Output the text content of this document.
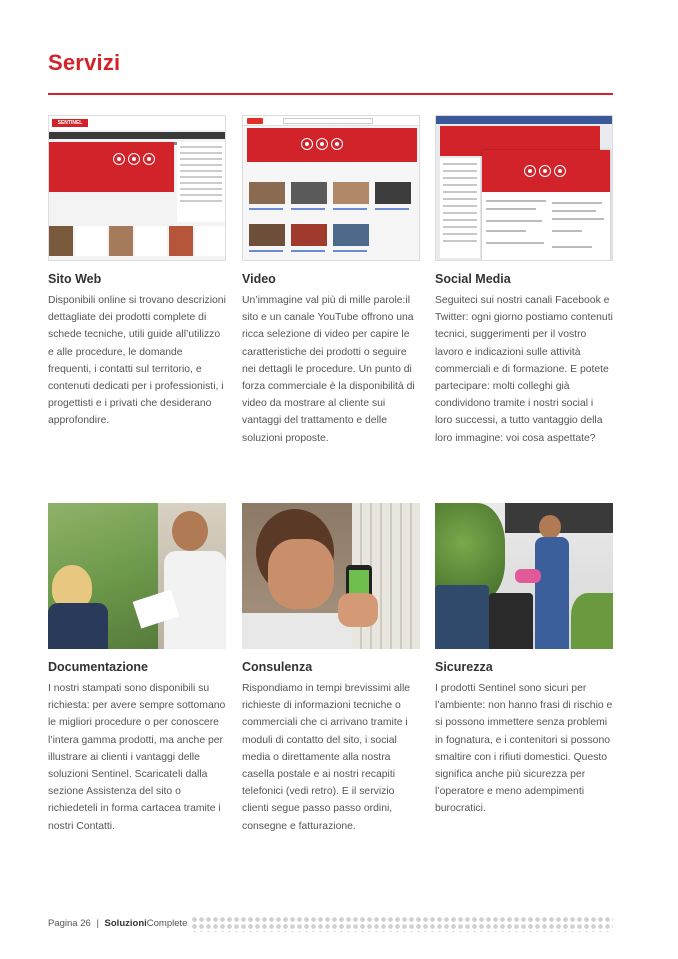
Servizi
SENTINEL
Sito Web

Disponibili online si trovano descrizioni dettagliate dei prodotti complete di schede tecniche, utili guide all’utilizzo e alle procedure, le domande frequenti, i contatti sul territorio, e contenuti dedicati per i professionisti, i progettisti e i privati che desiderano approfondire.

Video

Un’immagine val più di mille parole:il sito e un canale YouTube offrono una ricca selezione di video per capire le caratteristiche dei prodotti o seguire nei dettagli le procedure. Un punto di forza commerciale è la disponibilità di video da mostrare al cliente sui vantaggi del trattamento e delle soluzioni proposte.

Social Media

Seguiteci sui nostri canali Facebook e Twitter: ogni giorno postiamo contenuti tecnici, suggerimenti per il vostro lavoro e indicazioni sulle attività commerciali e di formazione. E potete partecipare: molti colleghi già condividono tramite i nostri social i loro successi, a tutto vantaggio della loro immagine: voi cosa aspettate?

Documentazione

I nostri stampati sono disponibili su richiesta: per avere sempre sottomano le migliori procedure o per conoscere l’intera gamma prodotti, ma anche per illustrare ai clienti i vantaggi delle soluzioni Sentinel. Scaricateli dalla sezione Assistenza del sito o richiedeteli in forma cartacea tramite i nostri Contatti.

Consulenza

Rispondiamo in tempi brevissimi alle richieste di informazioni tecniche o commerciali che ci arrivano tramite i moduli di contatto del sito, i social media o direttamente alla nostra casella postale e ai nostri recapiti telefonici (vedi retro). E il servizio clienti segue passo passo ordini, consegne e fatturazione.

Sicurezza

I prodotti Sentinel sono sicuri per l’ambiente: non hanno frasi di rischio e si possono immettere senza problemi in fognatura, e i contenitori si possono smaltire con i rifiuti domestici. Questo significa anche più sicurezza per l’operatore e meno adempimenti burocratici.

Pagina 26 | SoluzioniComplete
